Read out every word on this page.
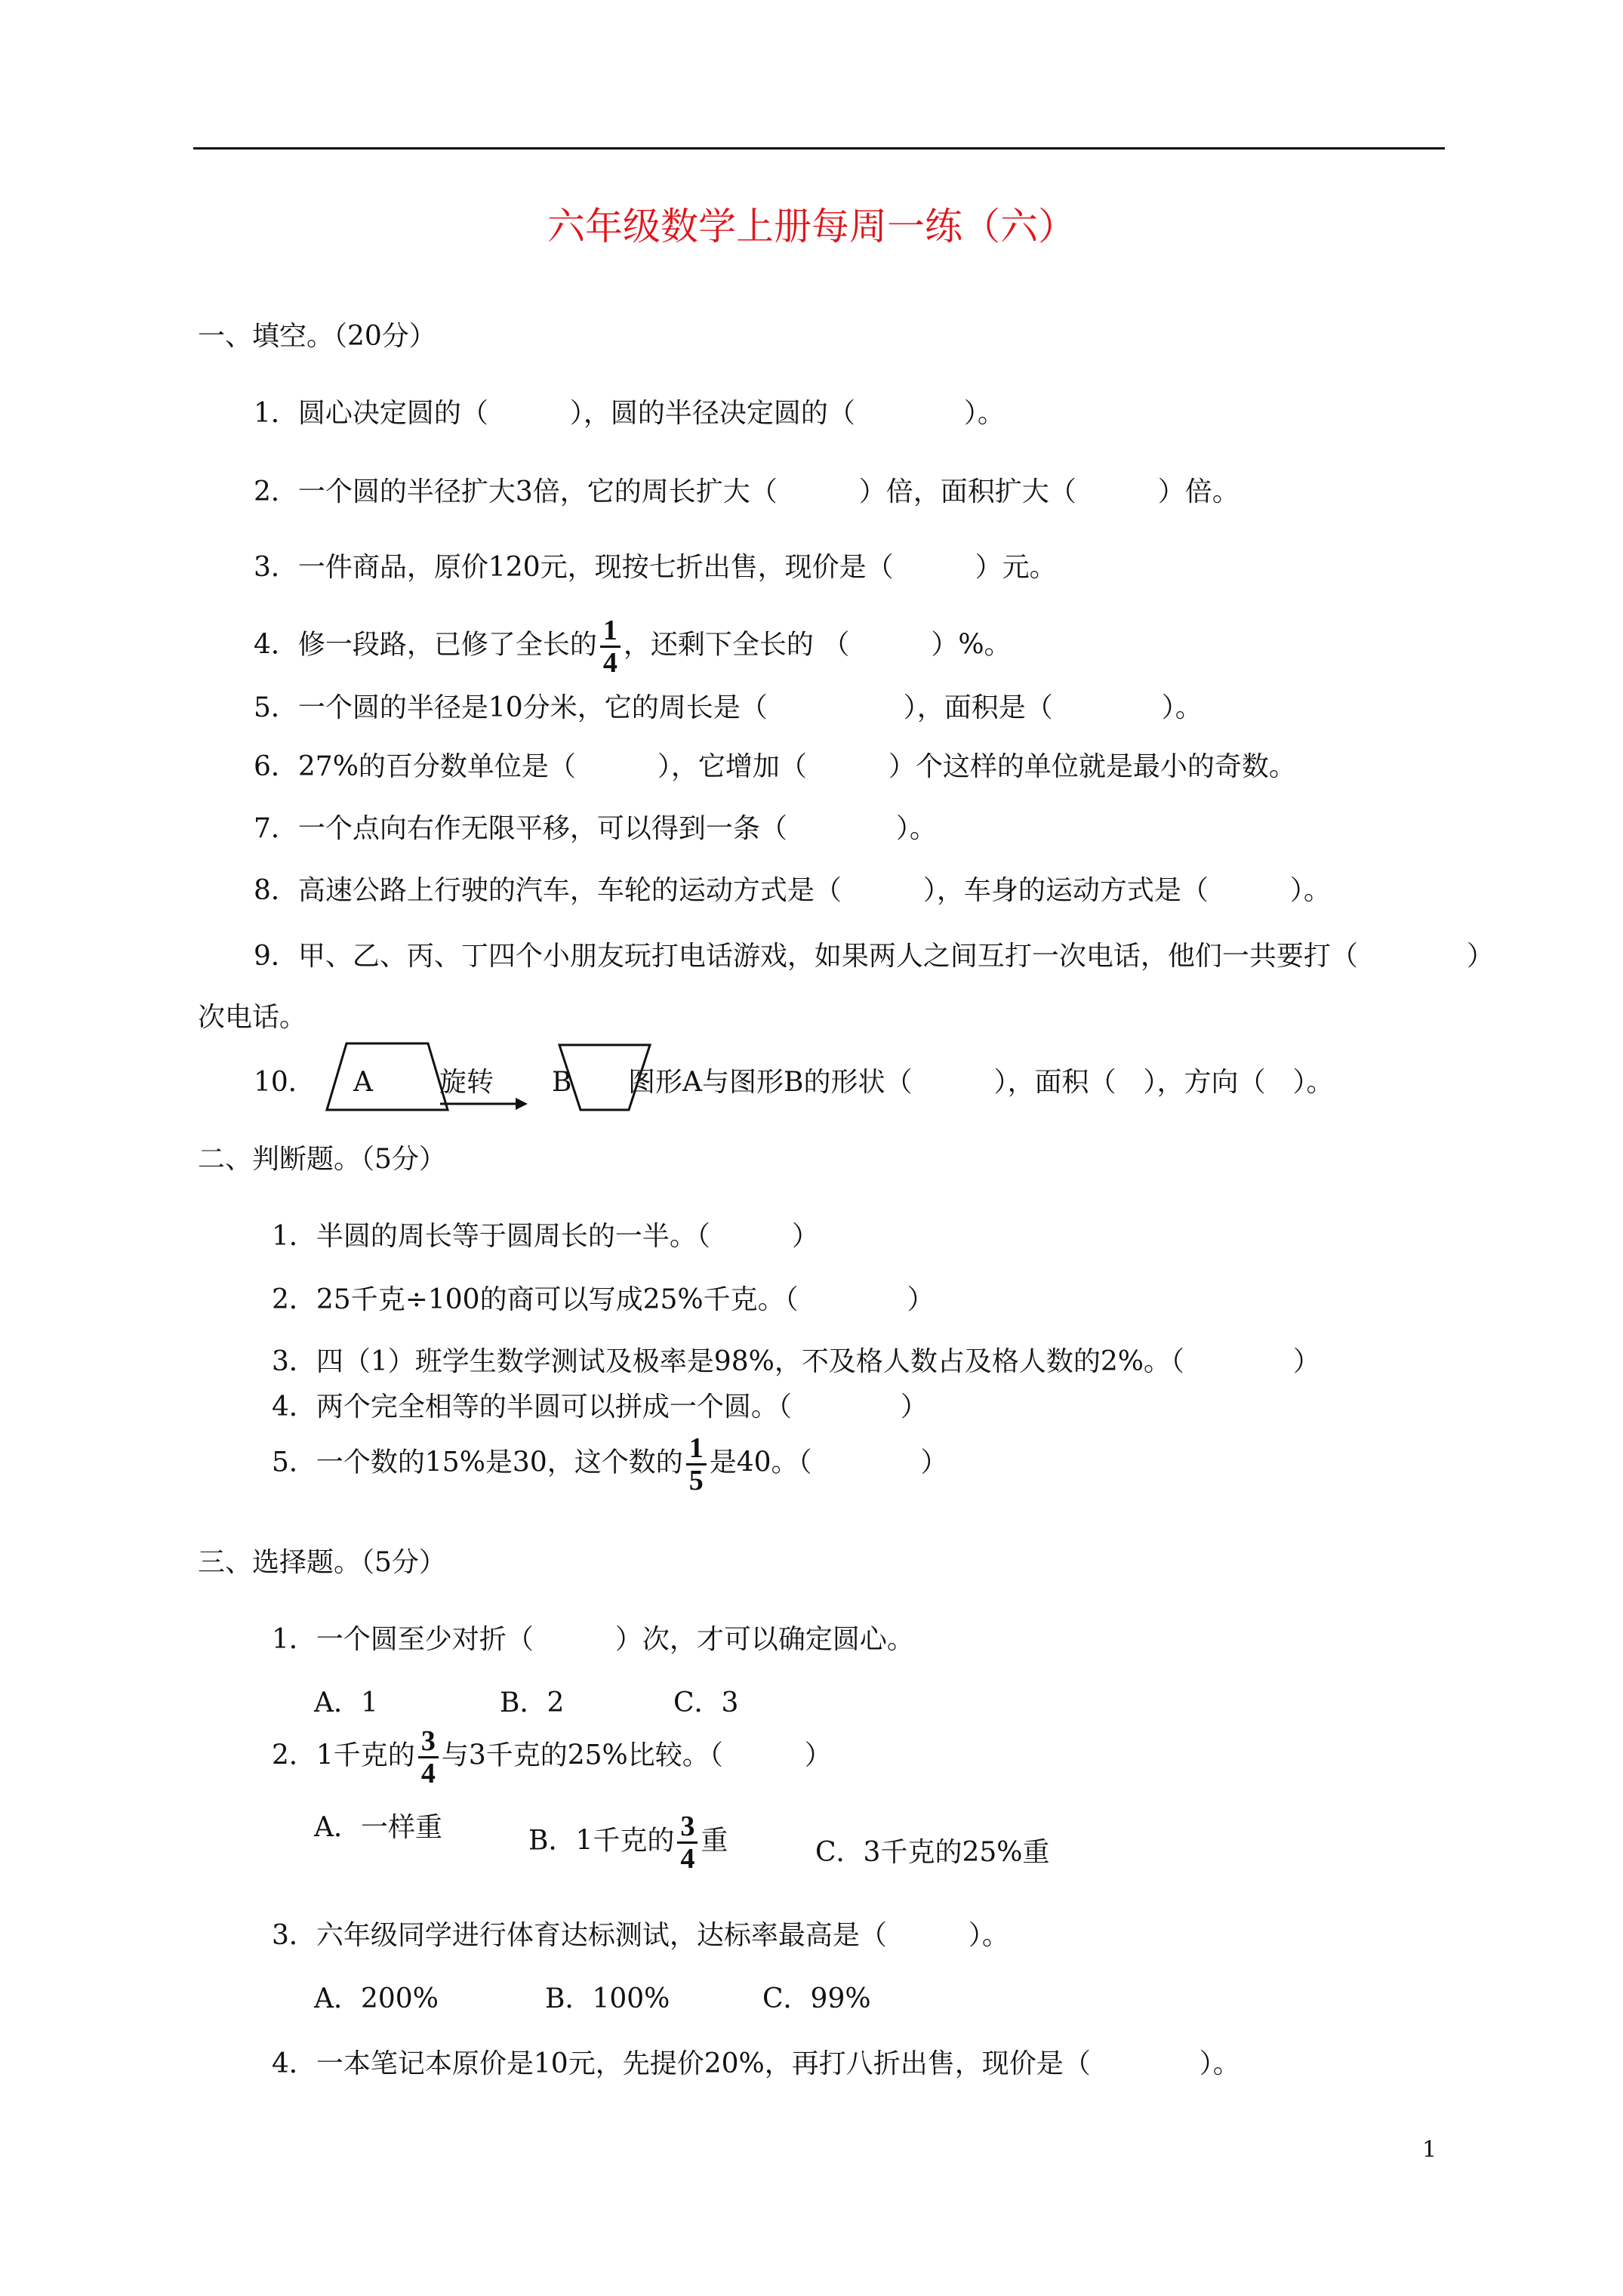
六年级数学上册每周一练（六）
一、填空。（20分）
1．圆心决定圆的（　　　），圆的半径决定圆的（　　　　）。
2．一个圆的半径扩大3倍，它的周长扩大（　　　）倍，面积扩大（　　　）倍。
3．一件商品，原价120元，现按七折出售，现价是（　　　）元。
4．修一段路，已修了全长的 $\frac{1}{4}$ ，还剩下全长的 （　　　）%。
5．一个圆的半径是10分米，它的周长是（　　　　　），面积是（　　　　）。
6．27%的百分数单位是（　　　），它增加（　　　）个这样的单位就是最小的奇数。
7．一个点向右作无限平移，可以得到一条（　　　　）。
8．高速公路上行驶的汽车，车轮的运动方式是（　　　），车身的运动方式是（　　　）。
9．甲、乙、丙、丁四个小朋友玩打电话游戏，如果两人之间互打一次电话，他们一共要打（　　　　）
次电话。
10． A 旋转 B 图形A与图形B的形状（　　　），面积（　），方向（　）。
二、判断题。（5分）
1．半圆的周长等于圆周长的一半。（　　　）
2．25千克÷100的商可以写成25%千克。（　　　　）
3．四（1）班学生数学测试及极率是98%，不及格人数占及格人数的2%。（　　　　）
4．两个完全相等的半圆可以拼成一个圆。（　　　　）
5．一个数的15%是30，这个数的 $\frac{1}{5}$ 是40。（　　　　）
三、选择题。（5分）
1．一个圆至少对折（　　　）次，才可以确定圆心。
A．1	B．2	C．3
2．1千克的 $\frac{3}{4}$ 与3千克的25%比较。（　　　）
A．一样重	B．1千克的 $\frac{3}{4}$ 重	C．3千克的25%重
3．六年级同学进行体育达标测试，达标率最高是（　　　）。
A．200%	B．100%	C．99%
4．一本笔记本原价是10元，先提价20%，再打八折出售，现价是（　　　　）。
1
